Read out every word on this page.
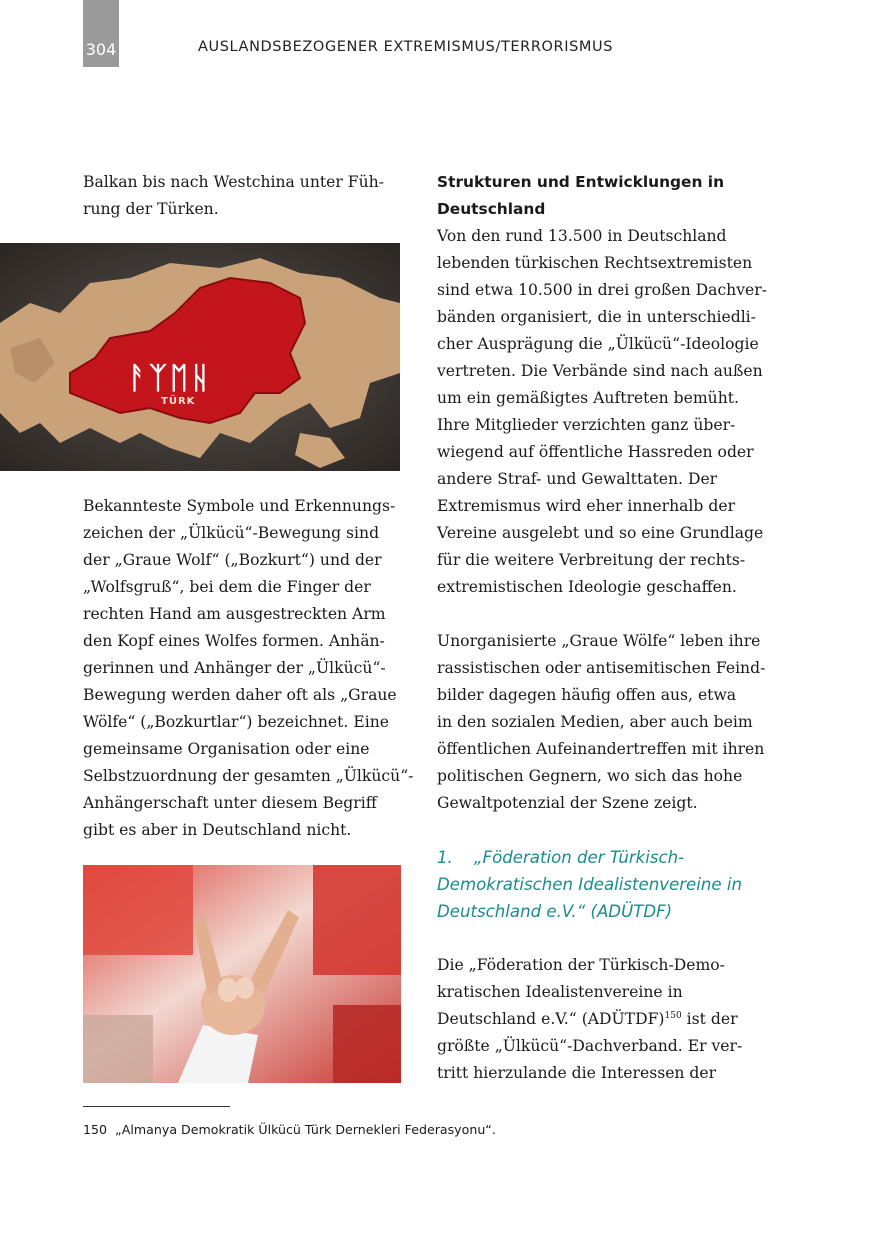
304	AUSLANDSBEZOGENER EXTREMISMUS/TERRORISMUS
Balkan bis nach Westchina unter Füh-
rung der Türken.
ᚨᛉᛖᚺ
TÜRK
Bekannteste Symbole und Erkennungs-
zeichen der „Ülkücü“-Bewegung sind
der „Graue Wolf“ („Bozkurt“) und der
„Wolfsgruß“, bei dem die Finger der
rechten Hand am ausgestreckten Arm
den Kopf eines Wolfes formen. Anhän-
gerinnen und Anhänger der „Ülkücü“-
Bewegung werden daher oft als „Graue
Wölfe“ („Bozkurtlar“) bezeichnet. Eine
gemeinsame Organisation oder eine
Selbstzuordnung der gesamten „Ülkücü“-
Anhängerschaft unter diesem Begriff
gibt es aber in Deutschland nicht.
Strukturen und Entwicklungen in
Deutschland
Von den rund 13.500 in Deutschland
lebenden türkischen Rechtsextremisten
sind etwa 10.500 in drei großen Dachver-
bänden organisiert, die in unterschiedli-
cher Ausprägung die „Ülkücü“-Ideologie
vertreten. Die Verbände sind nach außen
um ein gemäßigtes Auftreten bemüht.
Ihre Mitglieder verzichten ganz über-
wiegend auf öffentliche Hassreden oder
andere Straf- und Gewalttaten. Der
Extremismus wird eher innerhalb der
Vereine ausgelebt und so eine Grundlage
für die weitere Verbreitung der rechts-
extremistischen Ideologie geschaffen.

Unorganisierte „Graue Wölfe“ leben ihre
rassistischen oder antisemitischen Feind-
bilder dagegen häufig offen aus, etwa
in den sozialen Medien, aber auch beim
öffentlichen Aufeinandertreffen mit ihren
politischen Gegnern, wo sich das hohe
Gewaltpotenzial der Szene zeigt.

1.    „Föderation der Türkisch-
Demokratischen Idealistenvereine in
Deutschland e.V.“ (ADÜTDF)

Die „Föderation der Türkisch-Demo-
kratischen Idealistenvereine in
Deutschland e.V.“ (ADÜTDF)$^{150}$ ist der
größte „Ülkücü“-Dachverband. Er ver-
tritt hierzulande die Interessen der
150  „Almanya Demokratik Ülkücü Türk Dernekleri Federasyonu“.
